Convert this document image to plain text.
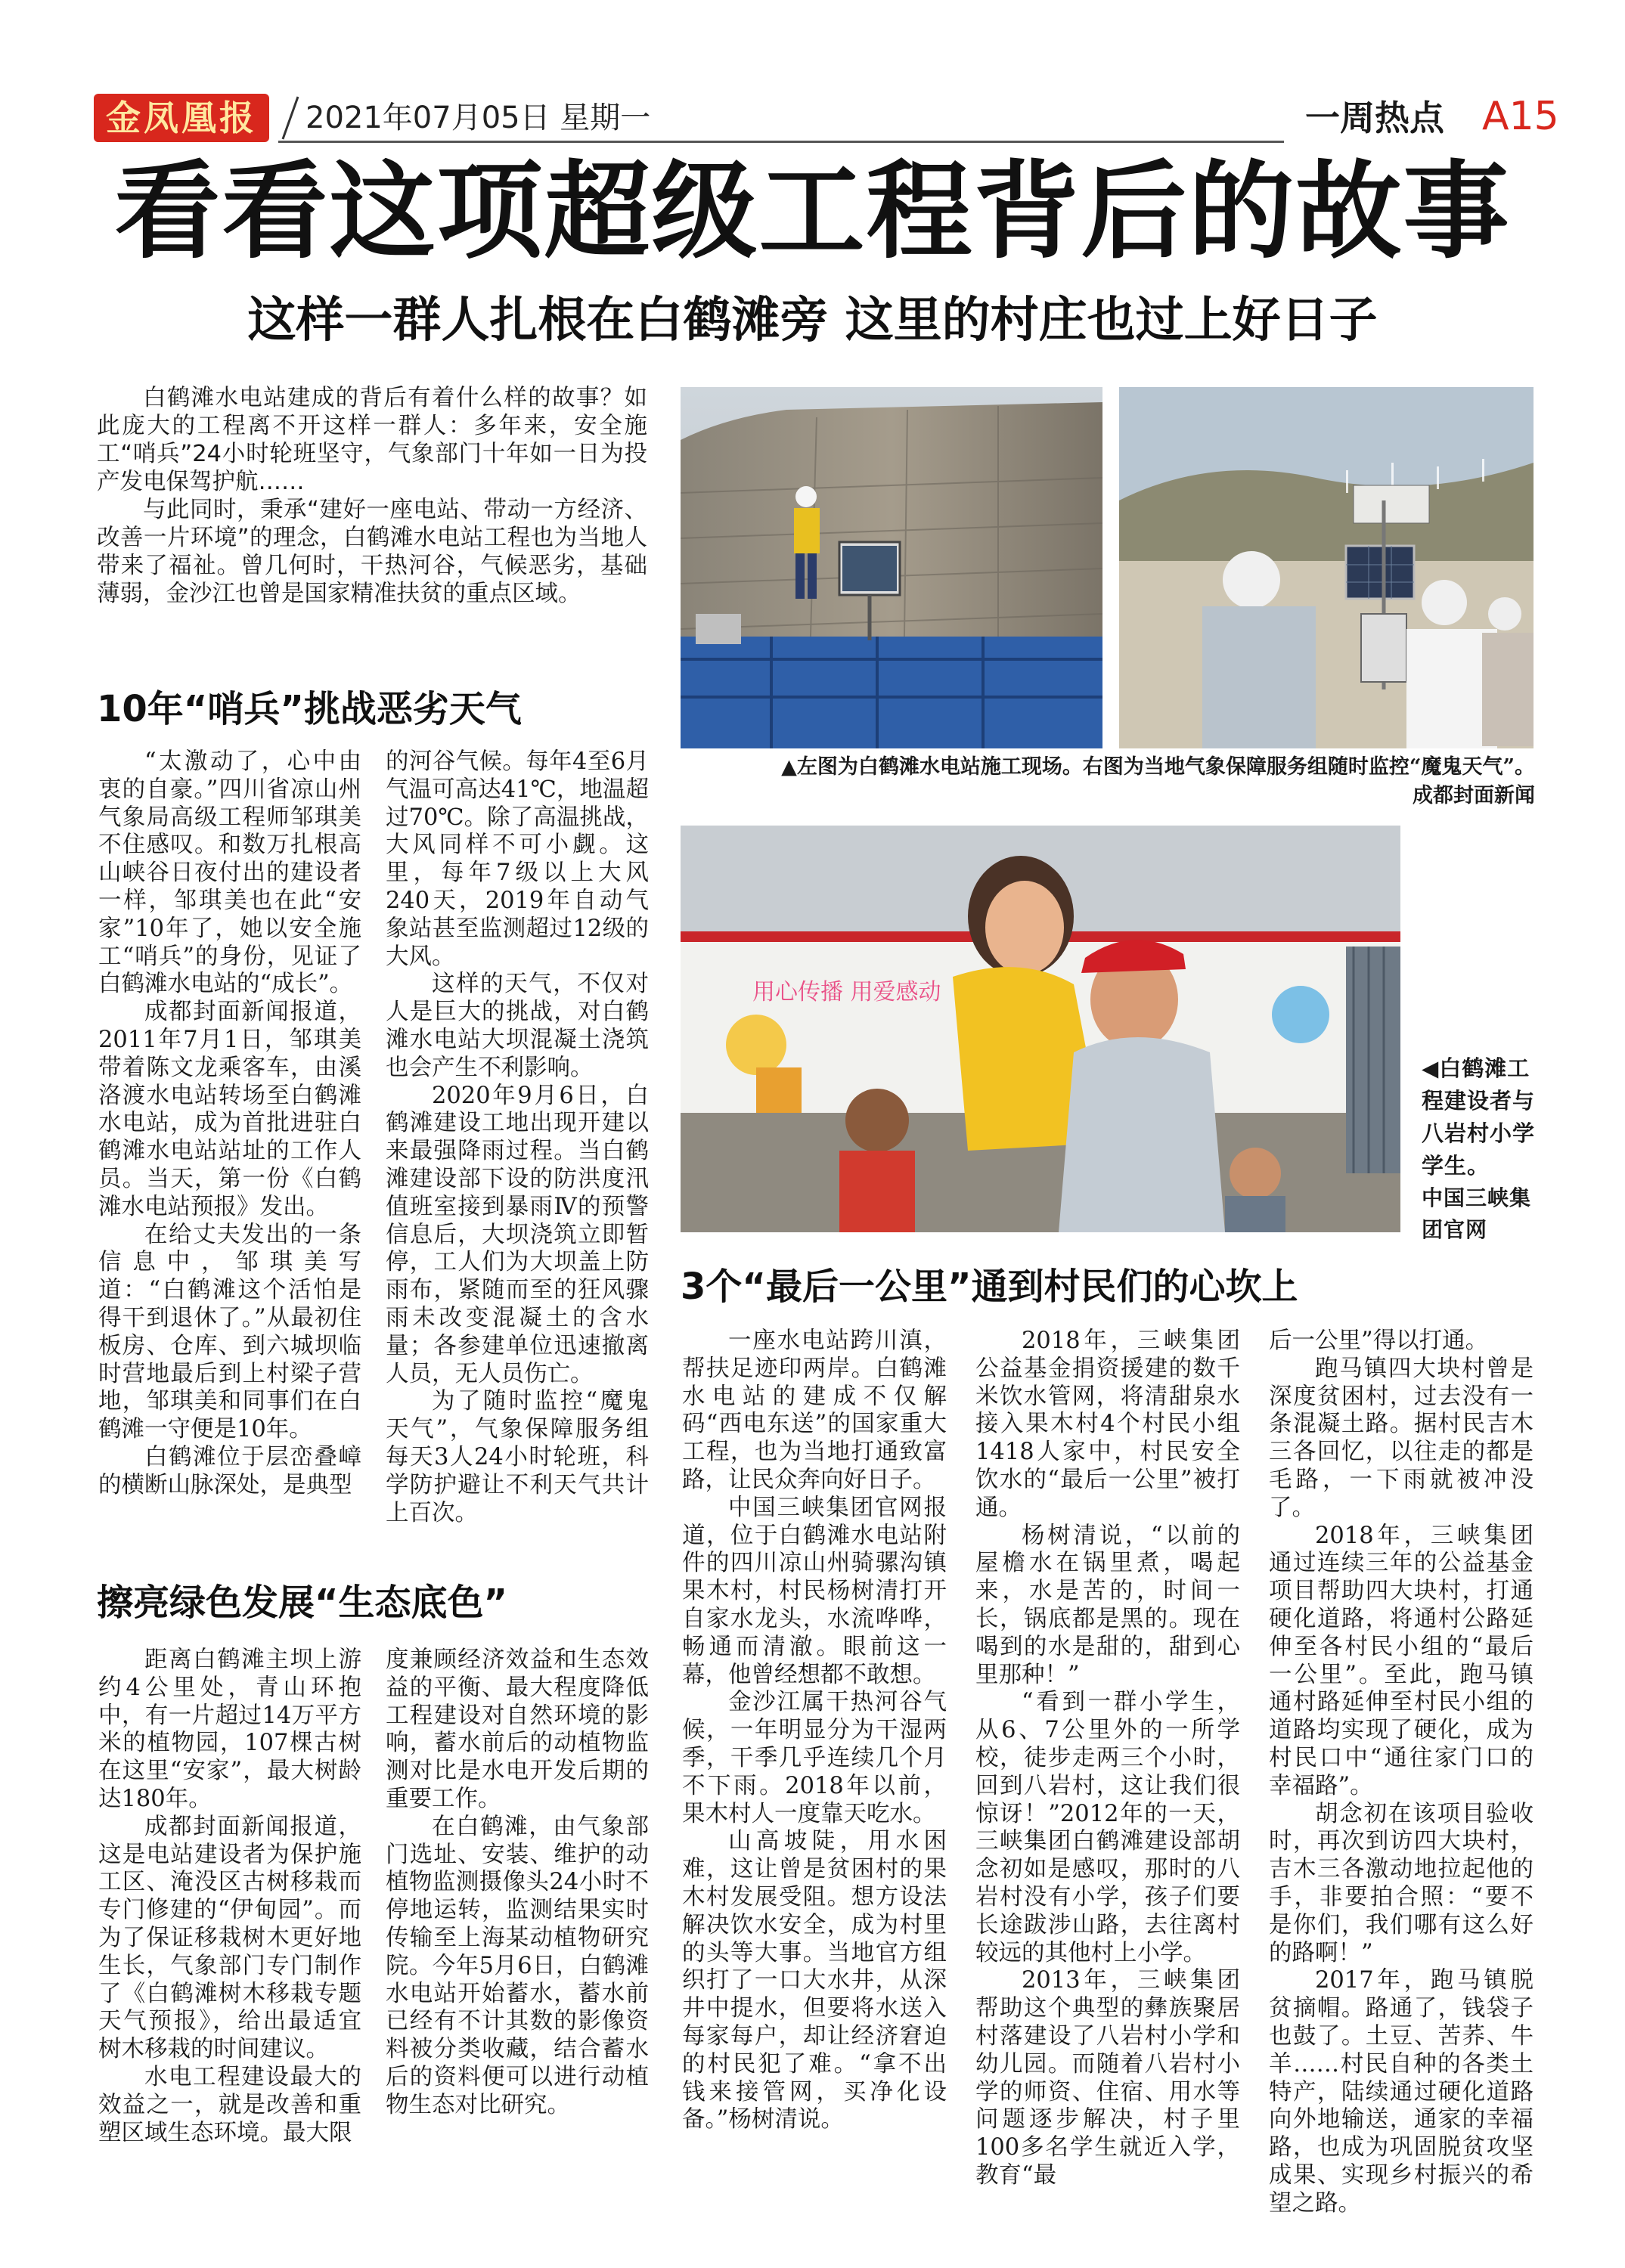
金凤凰报	2021年07月05日 星期一	一周热点 A15
看看这项超级工程背后的故事
这样一群人扎根在白鹤滩旁 这里的村庄也过上好日子

白鹤滩水电站建成的背后有着什么样的故事？如此庞大的工程离不开这样一群人：多年来，安全施工“哨兵”24小时轮班坚守，气象部门十年如一日为投产发电保驾护航……

与此同时，秉承“建好一座电站、带动一方经济、改善一片环境”的理念，白鹤滩水电站工程也为当地人带来了福祉。曾几何时，干热河谷，气候恶劣，基础薄弱，金沙江也曾是国家精准扶贫的重点区域。

▲左图为白鹤滩水电站施工现场。右图为当地气象保障服务组随时监控“魔鬼天气”。
成都封面新闻
10年“哨兵”挑战恶劣天气

“太激动了，心中由衷的自豪。”四川省凉山州气象局高级工程师邹琪美不住感叹。和数万扎根高山峡谷日夜付出的建设者一样，邹琪美也在此“安家”10年了，她以安全施工“哨兵”的身份，见证了白鹤滩水电站的“成长”。

成都封面新闻报道，2011年7月1日，邹琪美带着陈文龙乘客车，由溪洛渡水电站转场至白鹤滩水电站，成为首批进驻白鹤滩水电站站址的工作人员。当天，第一份《白鹤滩水电站预报》发出。

在给丈夫发出的一条信息中，邹琪美写道：“白鹤滩这个活怕是得干到退休了。”从最初住板房、仓库、到六城坝临时营地最后到上村梁子营地，邹琪美和同事们在白鹤滩一守便是10年。

白鹤滩位于层峦叠嶂的横断山脉深处，是典型

的河谷气候。每年4至6月气温可高达41℃，地温超过70℃。除了高温挑战，大风同样不可小觑。这里，每年7级以上大风240天，2019年自动气象站甚至监测超过12级的大风。

这样的天气，不仅对人是巨大的挑战，对白鹤滩水电站大坝混凝土浇筑也会产生不利影响。

2020年9月6日，白鹤滩建设工地出现开建以来最强降雨过程。当白鹤滩建设部下设的防洪度汛值班室接到暴雨Ⅳ的预警信息后，大坝浇筑立即暂停，工人们为大坝盖上防雨布，紧随而至的狂风骤雨未改变混凝土的含水量；各参建单位迅速撤离人员，无人员伤亡。

为了随时监控“魔鬼天气”，气象保障服务组每天3人24小时轮班，科学防护避让不利天气共计上百次。

用心传播 用爱感动
◀白鹤滩工程建设者与八岩村小学学生。
中国三峡集团官网
擦亮绿色发展“生态底色”

距离白鹤滩主坝上游约4公里处，青山环抱中，有一片超过14万平方米的植物园，107棵古树在这里“安家”，最大树龄达180年。

成都封面新闻报道，这是电站建设者为保护施工区、淹没区古树移栽而专门修建的“伊甸园”。而为了保证移栽树木更好地生长，气象部门专门制作了《白鹤滩树木移栽专题天气预报》，给出最适宜树木移栽的时间建议。

水电工程建设最大的效益之一，就是改善和重塑区域生态环境。最大限

度兼顾经济效益和生态效益的平衡、最大程度降低工程建设对自然环境的影响，蓄水前后的动植物监测对比是水电开发后期的重要工作。

在白鹤滩，由气象部门选址、安装、维护的动植物监测摄像头24小时不停地运转，监测结果实时传输至上海某动植物研究院。今年5月6日，白鹤滩水电站开始蓄水，蓄水前已经有不计其数的影像资料被分类收藏，结合蓄水后的资料便可以进行动植物生态对比研究。

3个“最后一公里”通到村民们的心坎上

一座水电站跨川滇，帮扶足迹印两岸。白鹤滩水电站的建成不仅解码“西电东送”的国家重大工程，也为当地打通致富路，让民众奔向好日子。

中国三峡集团官网报道，位于白鹤滩水电站附件的四川凉山州骑骡沟镇果木村，村民杨树清打开自家水龙头，水流哗哗，畅通而清澈。眼前这一幕，他曾经想都不敢想。

金沙江属干热河谷气候，一年明显分为干湿两季，干季几乎连续几个月不下雨。2018年以前，果木村人一度靠天吃水。

山高坡陡，用水困难，这让曾是贫困村的果木村发展受阻。想方设法解决饮水安全，成为村里的头等大事。当地官方组织打了一口大水井，从深井中提水，但要将水送入每家每户，却让经济窘迫的村民犯了难。“拿不出钱来接管网，买净化设备。”杨树清说。

2018年，三峡集团公益基金捐资援建的数千米饮水管网，将清甜泉水接入果木村4个村民小组1418人家中，村民安全饮水的“最后一公里”被打通。

杨树清说，“以前的屋檐水在锅里煮，喝起来，水是苦的，时间一长，锅底都是黑的。现在喝到的水是甜的，甜到心里那种！”

“看到一群小学生，从6、7公里外的一所学校，徒步走两三个小时，回到八岩村，这让我们很惊讶！”2012年的一天，三峡集团白鹤滩建设部胡念初如是感叹，那时的八岩村没有小学，孩子们要长途跋涉山路，去往离村较远的其他村上小学。

2013年，三峡集团帮助这个典型的彝族聚居村落建设了八岩村小学和幼儿园。而随着八岩村小学的师资、住宿、用水等问题逐步解决，村子里100多名学生就近入学，教育“最

后一公里”得以打通。

跑马镇四大块村曾是深度贫困村，过去没有一条混凝土路。据村民吉木三各回忆，以往走的都是毛路，一下雨就被冲没了。

2018年，三峡集团通过连续三年的公益基金项目帮助四大块村，打通硬化道路，将通村公路延伸至各村民小组的“最后一公里”。至此，跑马镇通村路延伸至村民小组的道路均实现了硬化，成为村民口中“通往家门口的幸福路”。

胡念初在该项目验收时，再次到访四大块村，吉木三各激动地拉起他的手，非要拍合照：“要不是你们，我们哪有这么好的路啊！”

2017年，跑马镇脱贫摘帽。路通了，钱袋子也鼓了。土豆、苦荞、牛羊……村民自种的各类土特产，陆续通过硬化道路向外地输送，通家的幸福路，也成为巩固脱贫攻坚成果、实现乡村振兴的希望之路。
